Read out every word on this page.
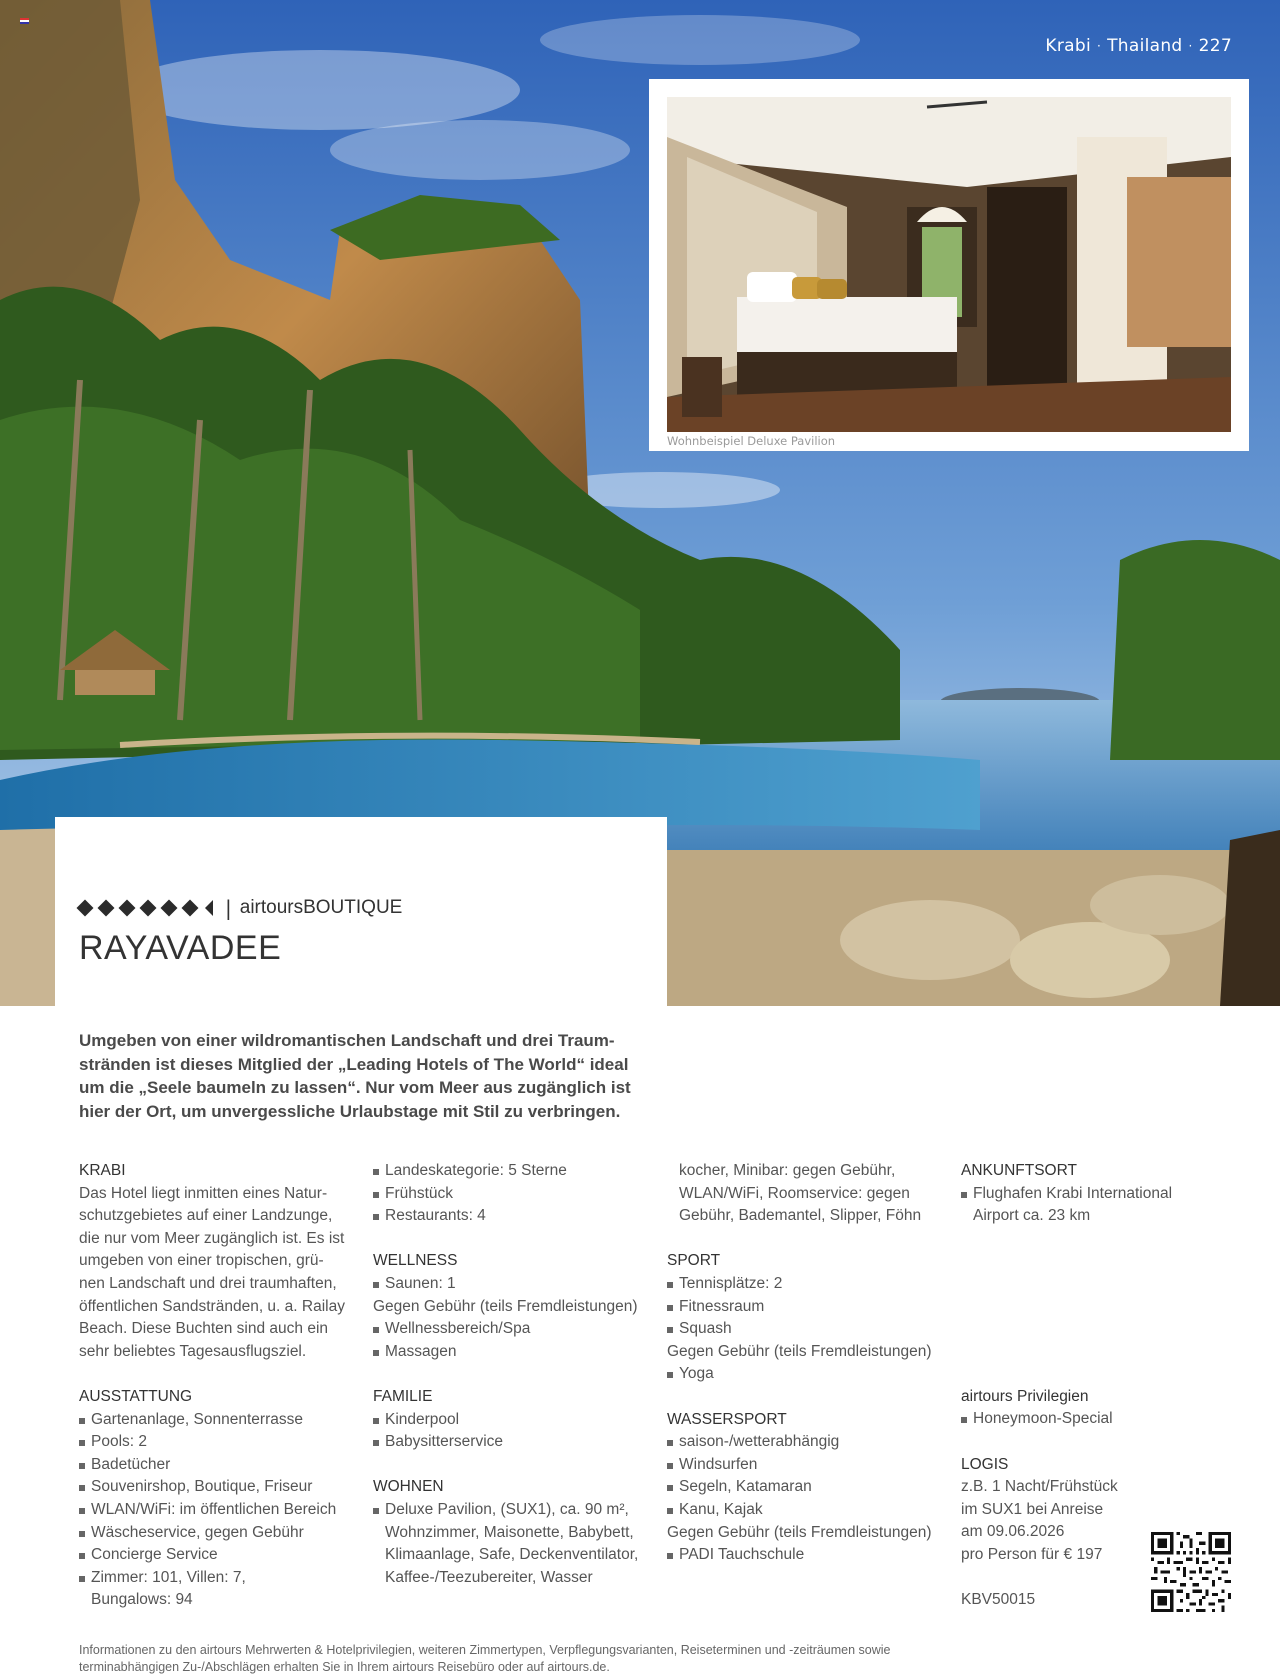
Krabi · Thailand · 227
Wohnbeispiel Deluxe Pavilion
| airtoursBOUTIQUE
RAYAVADEE
Umgeben von einer wildromantischen Landschaft und drei Traum-
stränden ist dieses Mitglied der „Leading Hotels of The World“ ideal
um die „Seele baumeln zu lassen“. Nur vom Meer aus zugänglich ist
hier der Ort, um unvergessliche Urlaubstage mit Stil zu verbringen.
KRABI

Das Hotel liegt inmitten eines Natur-

schutzgebietes auf einer Landzunge,

die nur vom Meer zugänglich ist. Es ist

umgeben von einer tropischen, grü-

nen Landschaft und drei traumhaften,

öffentlichen Sandstränden, u. a. Railay

Beach. Diese Buchten sind auch ein

sehr beliebtes Tagesausflugsziel.

AUSSTATTUNG
Gartenanlage, Sonnenterrasse
Pools: 2
Badetücher
Souvenirshop, Boutique, Friseur
WLAN/WiFi: im öffentlichen Bereich
Wäscheservice, gegen Gebühr
Concierge Service
Zimmer: 101, Villen: 7,

Bungalows: 94

Landeskategorie: 5 Sterne
Frühstück
Restaurants: 4
WELLNESS
Saunen: 1

Gegen Gebühr (teils Fremdleistungen)

Wellnessbereich/Spa
Massagen
FAMILIE
Kinderpool
Babysitterservice
WOHNEN
Deluxe Pavilion, (SUX1), ca. 90 m²,

Wohnzimmer, Maisonette, Babybett,

Klimaanlage, Safe, Deckenventilator,

Kaffee-/Teezubereiter, Wasser

kocher, Minibar: gegen Gebühr,

WLAN/WiFi, Roomservice: gegen

Gebühr, Bademantel, Slipper, Föhn

SPORT
Tennisplätze: 2
Fitnessraum
Squash

Gegen Gebühr (teils Fremdleistungen)

Yoga
WASSERSPORT
saison-/wetterabhängig
Windsurfen
Segeln, Katamaran
Kanu, Kajak

Gegen Gebühr (teils Fremdleistungen)

PADI Tauchschule
ANKUNFTSORT
Flughafen Krabi International

Airport ca. 23 km

airtours Privilegien
Honeymoon-Special
LOGIS

z.B. 1 Nacht/Frühstück

im SUX1 bei Anreise

am 09.06.2026

pro Person für € 197

KBV50015

Informationen zu den airtours Mehrwerten & Hotelprivilegien, weiteren Zimmertypen, Verpflegungsvarianten, Reiseterminen und -zeiträumen sowie
terminabhängigen Zu-/Abschlägen erhalten Sie in Ihrem airtours Reisebüro oder auf airtours.de.
